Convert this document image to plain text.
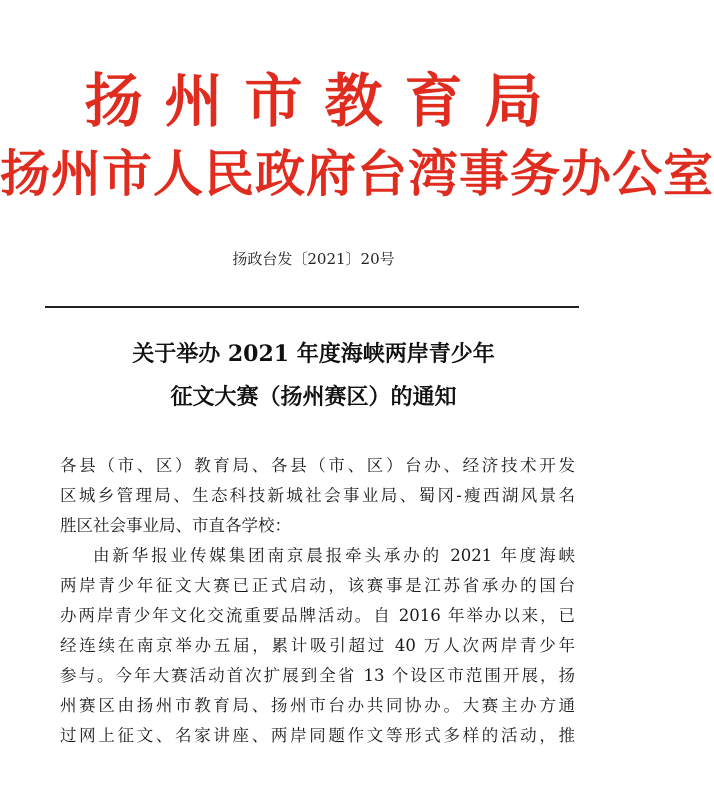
扬州市教育局
扬州市人民政府台湾事务办公室
扬政台发〔2021〕20号
关于举办 2021 年度海峡两岸青少年
征文大赛（扬州赛区）的通知
各县（市、区）教育局、各县（市、区）台办、经济技术开发
区城乡管理局、生态科技新城社会事业局、蜀冈-瘦西湖风景名
胜区社会事业局、市直各学校：
由新华报业传媒集团南京晨报牵头承办的 2021 年度海峡
两岸青少年征文大赛已正式启动，该赛事是江苏省承办的国台
办两岸青少年文化交流重要品牌活动。自 2016 年举办以来，已
经连续在南京举办五届，累计吸引超过 40 万人次两岸青少年
参与。今年大赛活动首次扩展到全省 13 个设区市范围开展，扬
州赛区由扬州市教育局、扬州市台办共同协办。大赛主办方通
过网上征文、名家讲座、两岸同题作文等形式多样的活动，推
